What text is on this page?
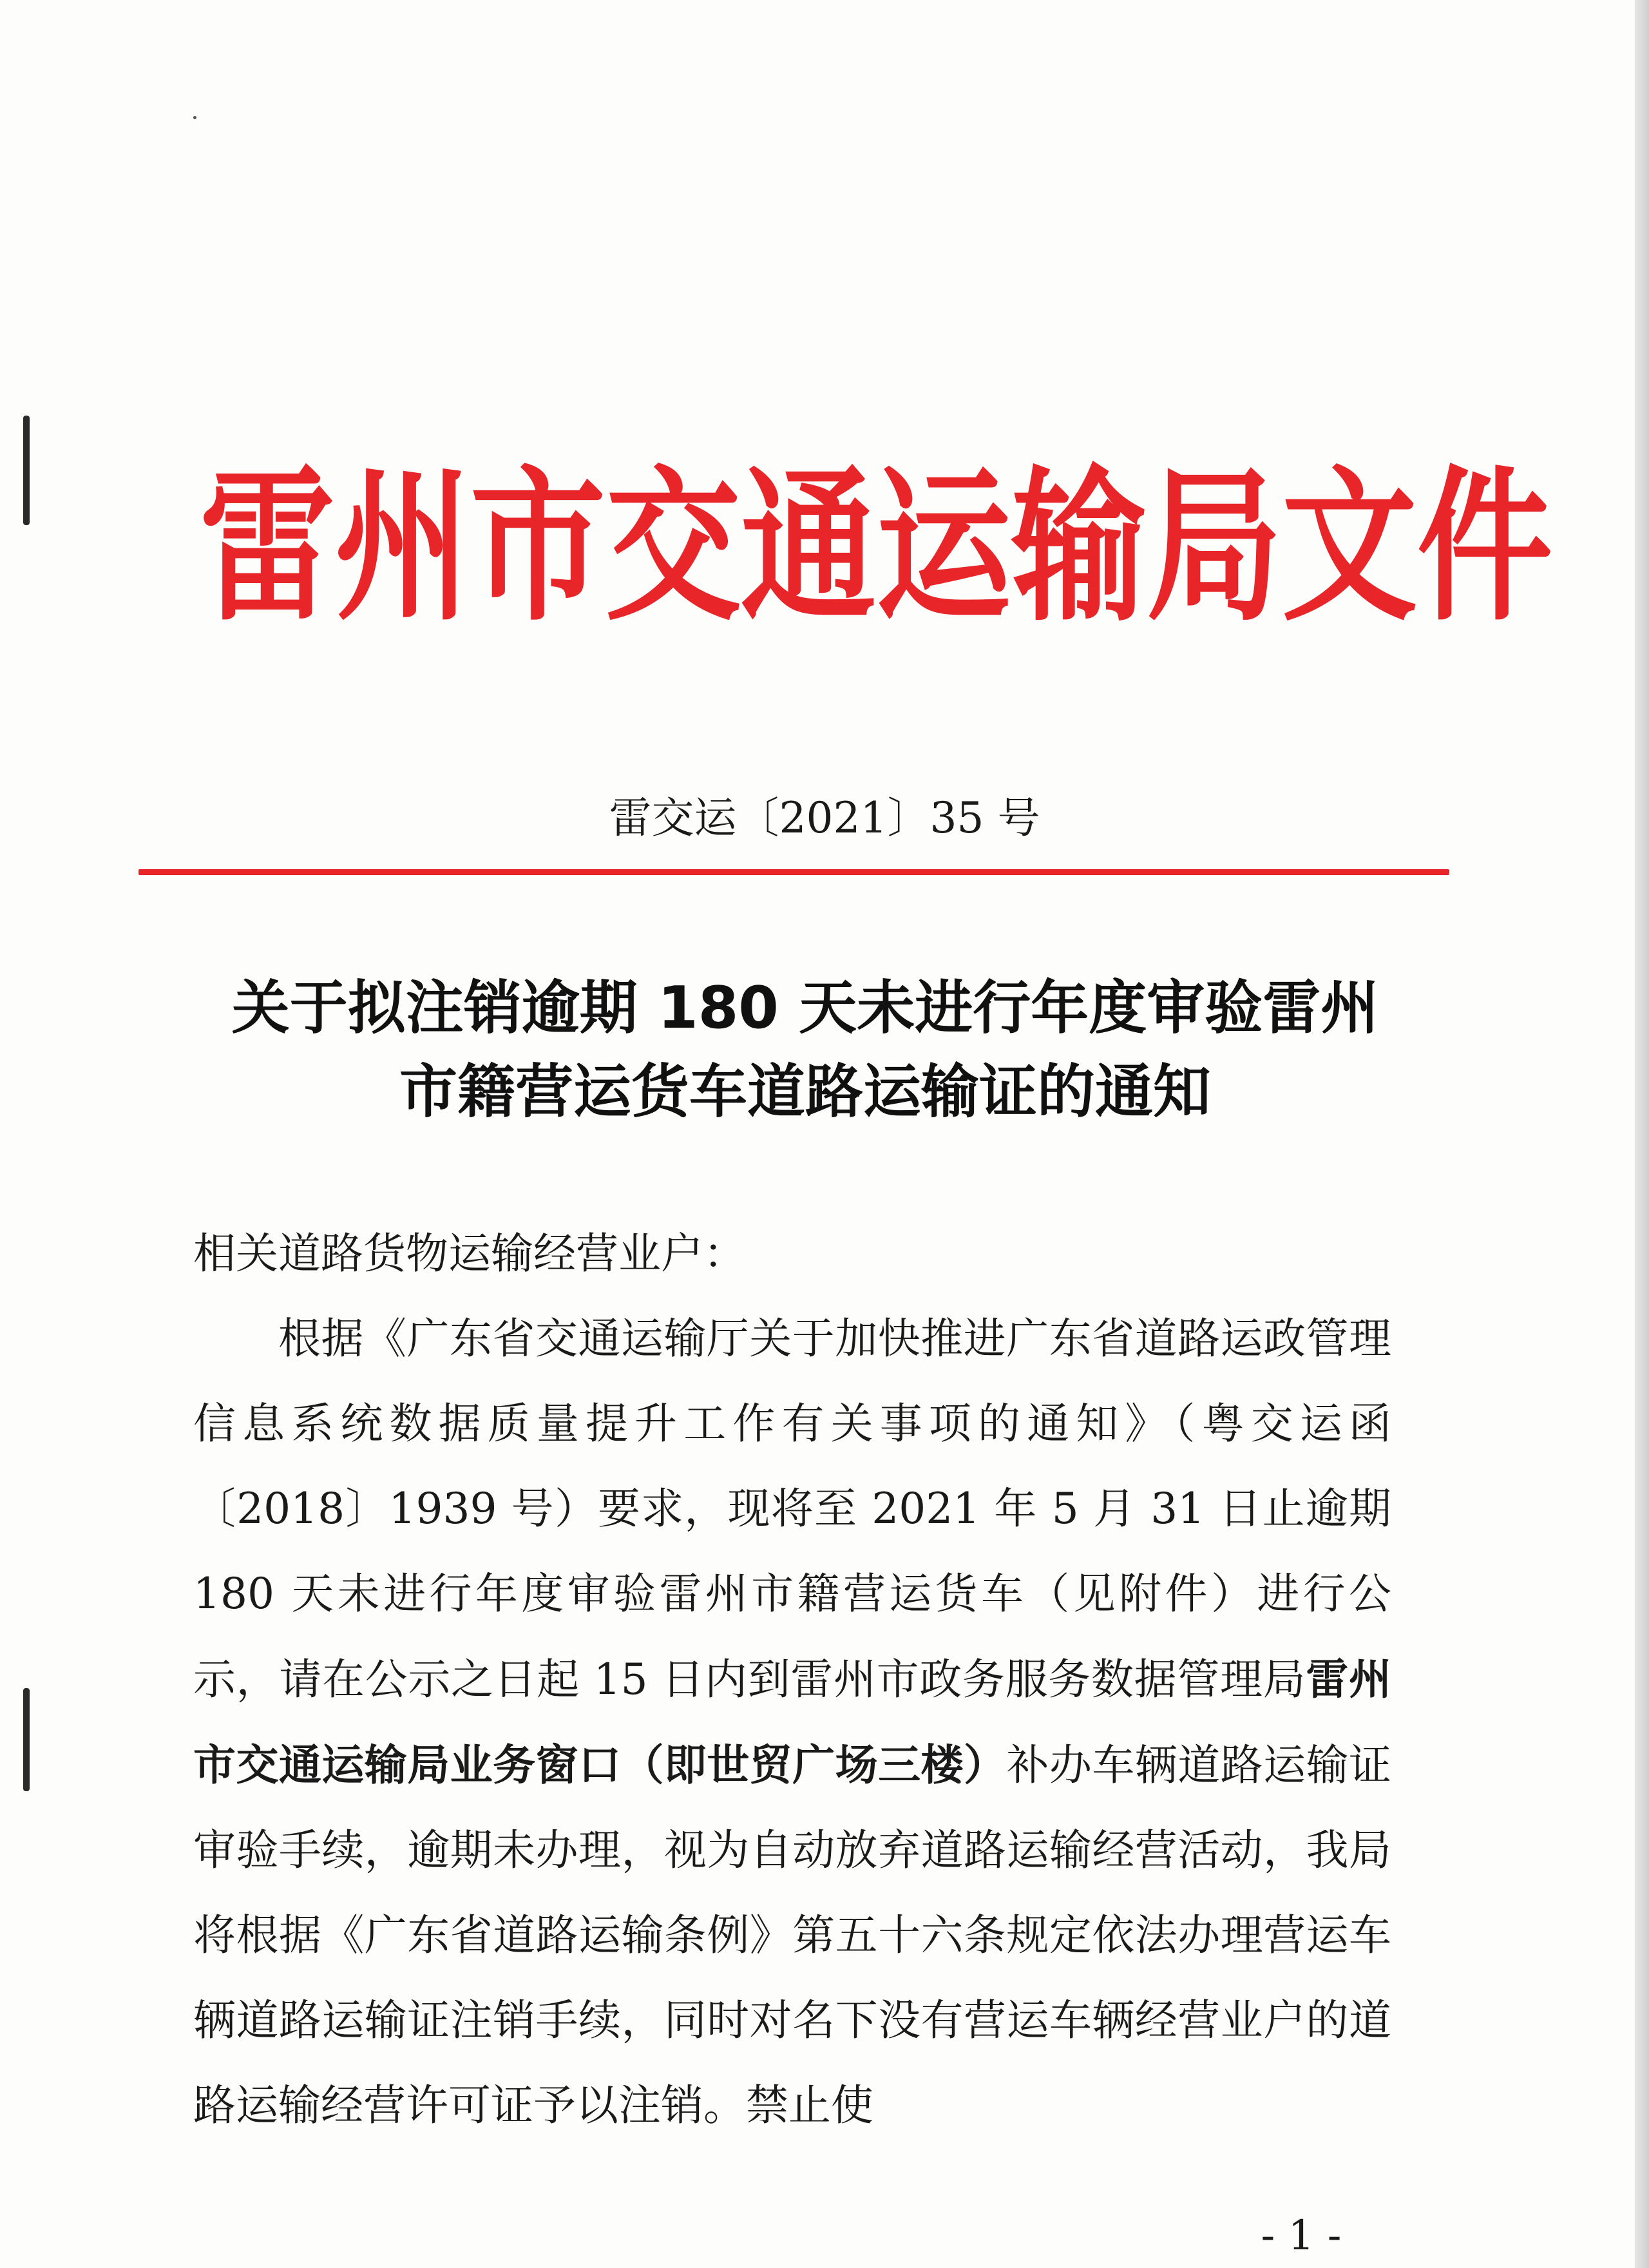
雷州市交通运输局文件
雷交运〔2021〕35 号
关于拟注销逾期 180 天未进行年度审验雷州
市籍营运货车道路运输证的通知

相关道路货物运输经营业户：

根据《广东省交通运输厅关于加快推进广东省道路运政管理信息系统数据质量提升工作有关事项的通知》（粤交运函〔2018〕1939 号）要求，现将至 2021 年 5 月 31 日止逾期 180 天未进行年度审验雷州市籍营运货车（见附件）进行公示，请在公示之日起 15 日内到雷州市政务服务数据管理局雷州市交通运输局业务窗口（即世贸广场三楼）补办车辆道路运输证审验手续，逾期未办理，视为自动放弃道路运输经营活动，我局将根据《广东省道路运输条例》第五十六条规定依法办理营运车辆道路运输证注销手续，同时对名下没有营运车辆经营业户的道路运输经营许可证予以注销。禁止使

- 1 -
